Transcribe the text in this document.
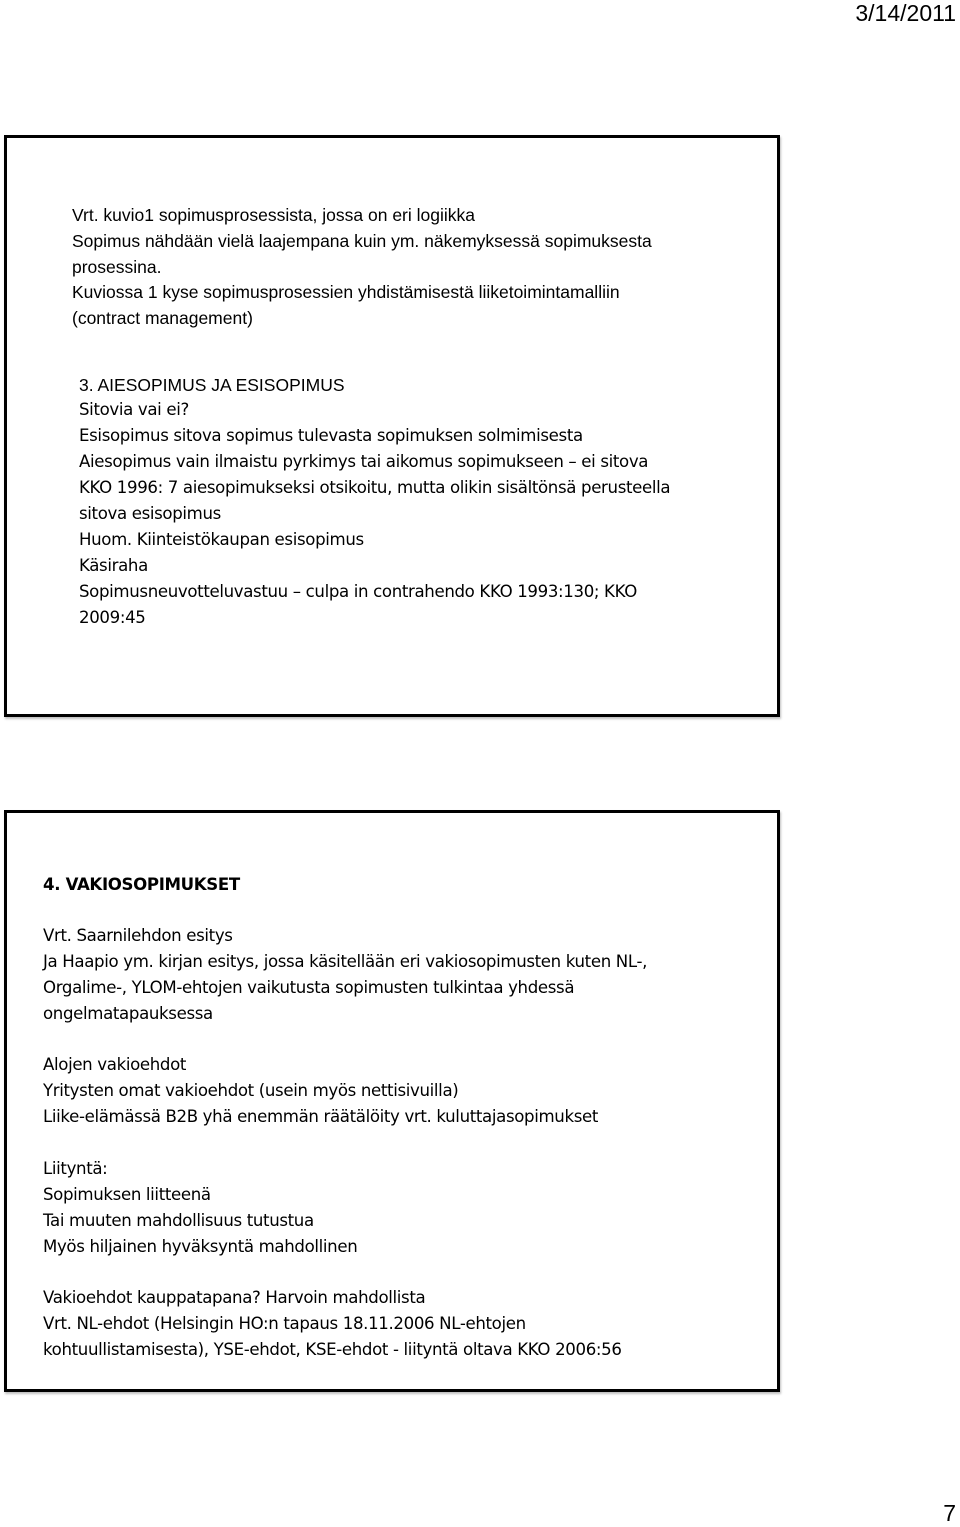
3/14/2011

Vrt. kuvio1 sopimusprosessista, jossa on eri logiikka

Sopimus nähdään vielä laajempana kuin ym. näkemyksessä sopimuksesta

prosessina.

Kuviossa 1 kyse sopimusprosessien yhdistämisestä liiketoimintamalliin

(contract management)

3. AIESOPIMUS JA ESISOPIMUS

Sitovia vai ei?

Esisopimus sitova sopimus tulevasta sopimuksen solmimisesta

Aiesopimus vain ilmaistu pyrkimys tai aikomus sopimukseen – ei sitova

KKO 1996: 7 aiesopimukseksi otsikoitu, mutta olikin sisältönsä perusteella

sitova esisopimus

Huom. Kiinteistökaupan esisopimus

Käsiraha

Sopimusneuvotteluvastuu – culpa in contrahendo KKO 1993:130; KKO

2009:45

4. VAKIOSOPIMUKSET

Vrt. Saarnilehdon esitys

Ja Haapio ym. kirjan esitys, jossa käsitellään eri vakiosopimusten kuten NL-,

Orgalime-, YLOM-ehtojen vaikutusta sopimusten tulkintaa yhdessä

ongelmatapauksessa

Alojen vakioehdot

Yritysten omat vakioehdot (usein myös nettisivuilla)

Liike-elämässä B2B yhä enemmän räätälöity vrt. kuluttajasopimukset

Liityntä:

Sopimuksen liitteenä

Tai muuten mahdollisuus tutustua

Myös hiljainen hyväksyntä mahdollinen

Vakioehdot kauppatapana? Harvoin mahdollista

Vrt. NL-ehdot (Helsingin HO:n tapaus 18.11.2006 NL-ehtojen

kohtuullistamisesta), YSE-ehdot, KSE-ehdot - liityntä oltava KKO 2006:56

7
